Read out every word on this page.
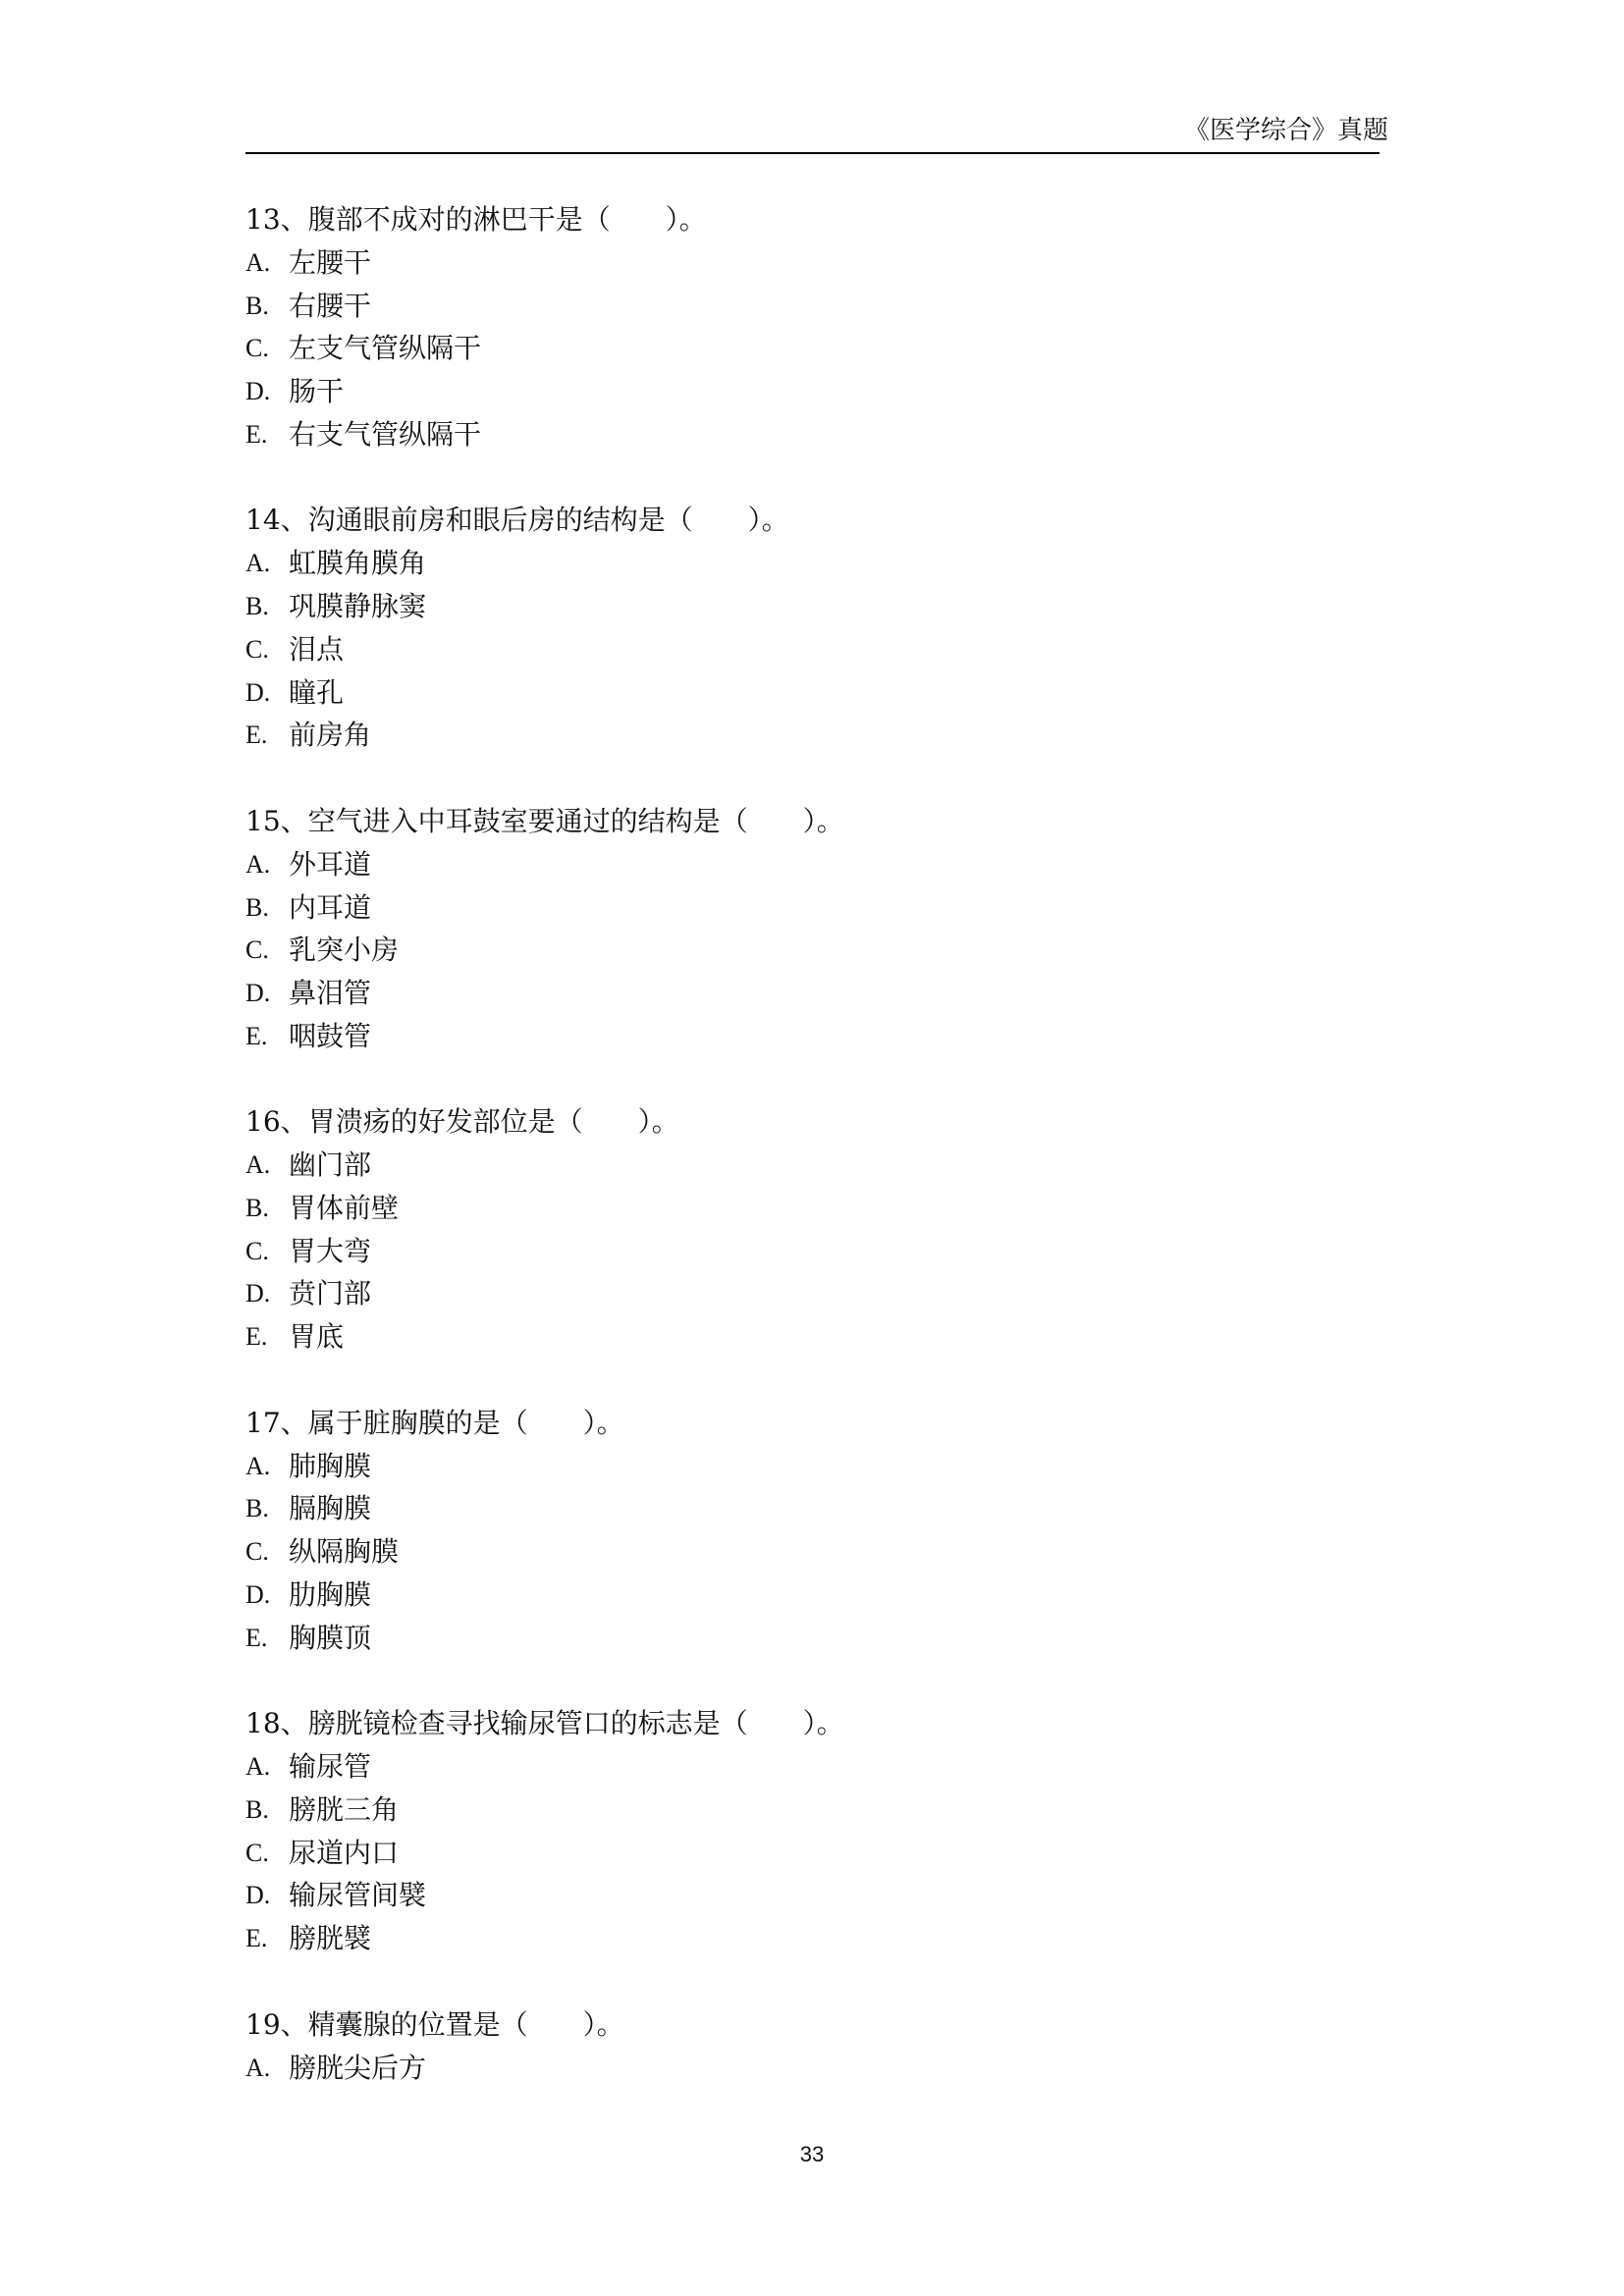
《医学综合》真题
13、腹部不成对的淋巴干是（　　）。
A. 左腰干
B. 右腰干
C. 左支气管纵隔干
D. 肠干
E. 右支气管纵隔干
14、沟通眼前房和眼后房的结构是（　　）。
A. 虹膜角膜角
B. 巩膜静脉窦
C. 泪点
D. 瞳孔
E. 前房角
15、空气进入中耳鼓室要通过的结构是（　　）。
A. 外耳道
B. 内耳道
C. 乳突小房
D. 鼻泪管
E. 咽鼓管
16、胃溃疡的好发部位是（　　）。
A. 幽门部
B. 胃体前壁
C. 胃大弯
D. 贲门部
E. 胃底
17、属于脏胸膜的是（　　）。
A. 肺胸膜
B. 膈胸膜
C. 纵隔胸膜
D. 肋胸膜
E. 胸膜顶
18、膀胱镜检查寻找输尿管口的标志是（　　）。
A. 输尿管
B. 膀胱三角
C. 尿道内口
D. 输尿管间襞
E. 膀胱襞
19、精囊腺的位置是（　　）。
A. 膀胱尖后方
33
